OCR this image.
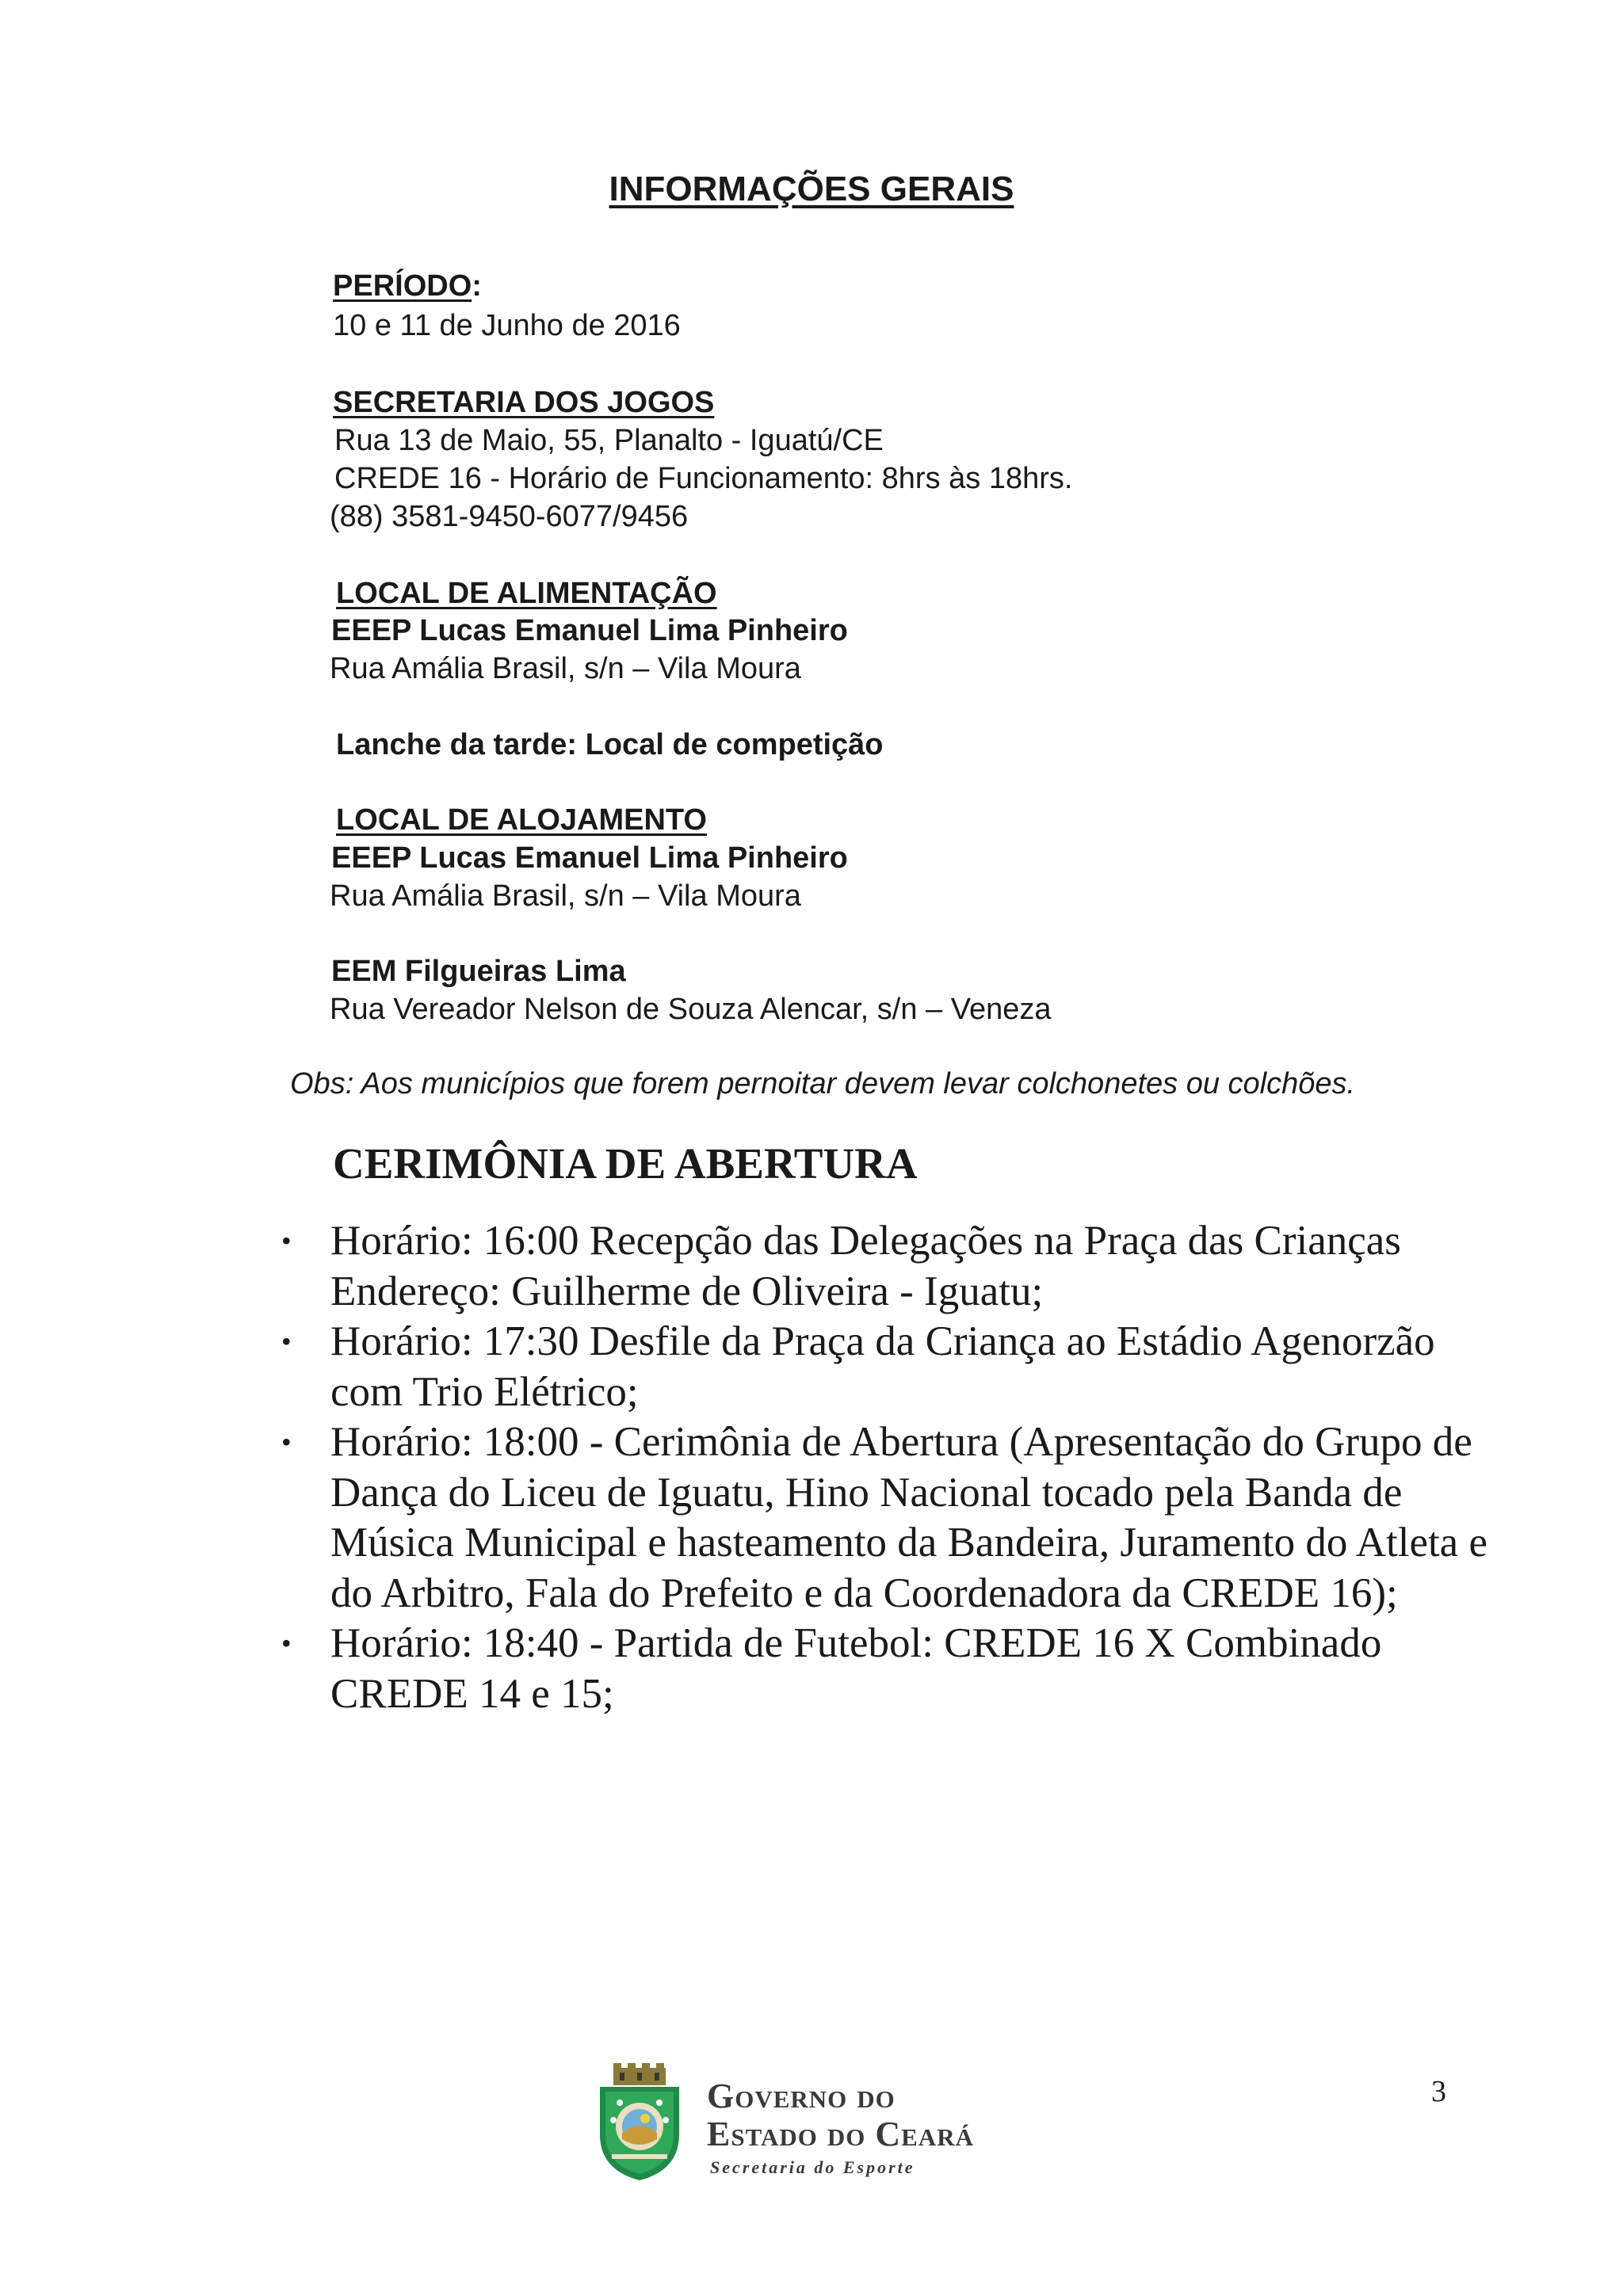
INFORMAÇÕES GERAIS
PERÍODO:
10 e 11 de Junho de 2016
SECRETARIA DOS JOGOS
Rua 13 de Maio, 55, Planalto - Iguatú/CE
CREDE 16 - Horário de Funcionamento: 8hrs às 18hrs.
(88) 3581-9450-6077/9456
LOCAL DE ALIMENTAÇÃO
EEEP Lucas Emanuel Lima Pinheiro
Rua Amália Brasil, s/n – Vila Moura
Lanche da tarde: Local de competição
LOCAL DE ALOJAMENTO
EEEP Lucas Emanuel Lima Pinheiro
Rua Amália Brasil, s/n – Vila Moura
EEM Filgueiras Lima
Rua Vereador Nelson de Souza Alencar, s/n – Veneza
Obs: Aos municípios que forem pernoitar devem levar colchonetes ou colchões.
CERIMÔNIA DE ABERTURA
• Horário: 16:00 Recepção das Delegações na Praça das Crianças Endereço: Guilherme de Oliveira - Iguatu;
• Horário: 17:30 Desfile da Praça da Criança ao Estádio Agenorzão com Trio Elétrico;
• Horário: 18:00 - Cerimônia de Abertura (Apresentação do Grupo de Dança do Liceu de Iguatu, Hino Nacional tocado pela Banda de Música Municipal e hasteamento da Bandeira, Juramento do Atleta e do Arbitro, Fala do Prefeito e da Coordenadora da CREDE 16);
• Horário: 18:40 - Partida de Futebol: CREDE 16 X Combinado CREDE 14 e 15;
3
Governo do
Estado do Ceará
Secretaria do Esporte
